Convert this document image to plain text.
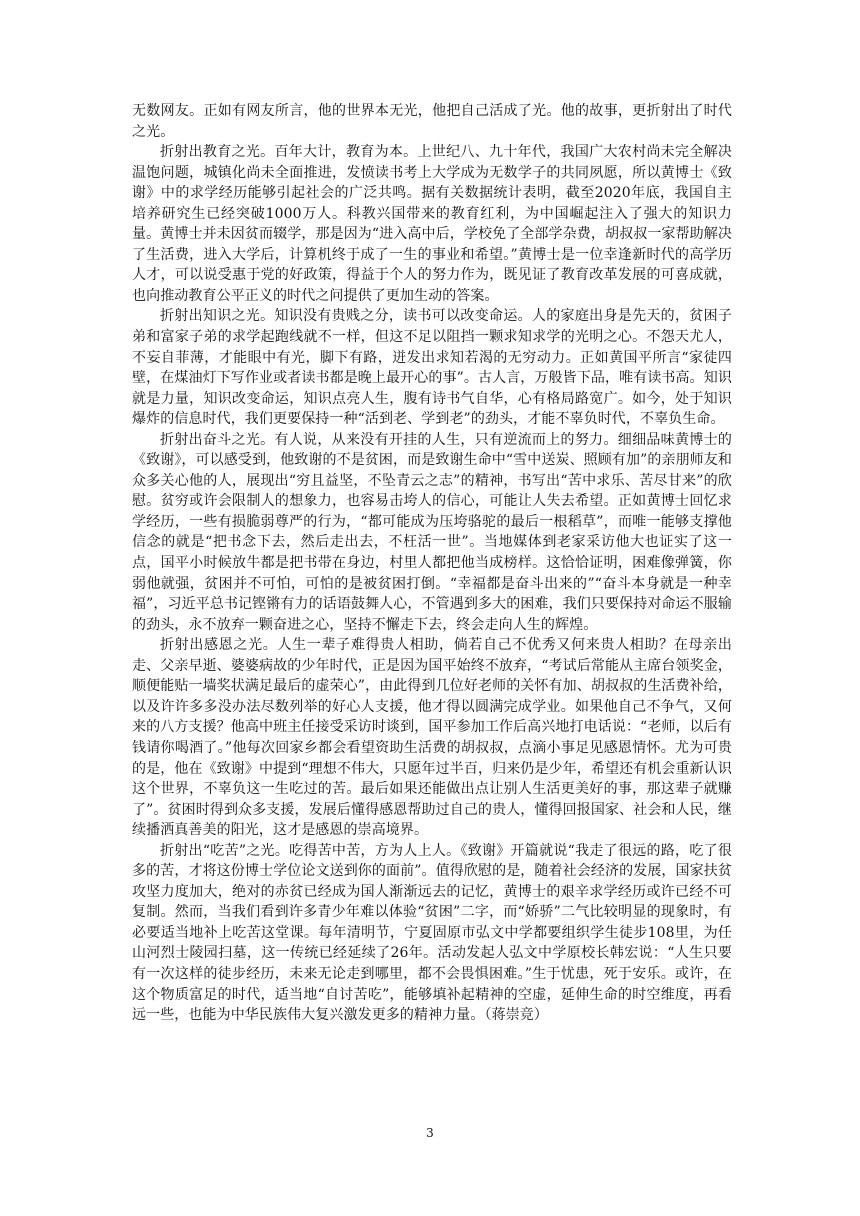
无数网友。正如有网友所言，他的世界本无光，他把自己活成了光。他的故事，更折射出了时代之光。

折射出教育之光。百年大计，教育为本。上世纪八、九十年代，我国广大农村尚未完全解决温饱问题，城镇化尚未全面推进，发愤读书考上大学成为无数学子的共同夙愿，所以黄博士《致谢》中的求学经历能够引起社会的广泛共鸣。据有关数据统计表明，截至2020年底，我国自主培养研究生已经突破1000万人。科教兴国带来的教育红利，为中国崛起注入了强大的知识力量。黄博士并未因贫而辍学，那是因为“进入高中后，学校免了全部学杂费，胡叔叔一家帮助解决了生活费，进入大学后，计算机终于成了一生的事业和希望。”黄博士是一位幸逢新时代的高学历人才，可以说受惠于党的好政策，得益于个人的努力作为，既见证了教育改革发展的可喜成就，也向推动教育公平正义的时代之问提供了更加生动的答案。

折射出知识之光。知识没有贵贱之分，读书可以改变命运。人的家庭出身是先天的，贫困子弟和富家子弟的求学起跑线就不一样，但这不足以阻挡一颗求知求学的光明之心。不怨天尤人，不妄自菲薄，才能眼中有光，脚下有路，迸发出求知若渴的无穷动力。正如黄国平所言“家徒四壁，在煤油灯下写作业或者读书都是晚上最开心的事”。古人言，万般皆下品，唯有读书高。知识就是力量，知识改变命运，知识点亮人生，腹有诗书气自华，心有格局路宽广。如今，处于知识爆炸的信息时代，我们更要保持一种“活到老、学到老”的劲头，才能不辜负时代，不辜负生命。

折射出奋斗之光。有人说，从来没有开挂的人生，只有逆流而上的努力。细细品味黄博士的《致谢》，可以感受到，他致谢的不是贫困，而是致谢生命中“雪中送炭、照顾有加”的亲朋师友和众多关心他的人，展现出“穷且益坚，不坠青云之志”的精神，书写出“苦中求乐、苦尽甘来”的欣慰。贫穷或许会限制人的想象力，也容易击垮人的信心，可能让人失去希望。正如黄博士回忆求学经历，一些有损脆弱尊严的行为，“都可能成为压垮骆驼的最后一根稻草”，而唯一能够支撑他信念的就是“把书念下去，然后走出去，不枉活一世”。当地媒体到老家采访他大也证实了这一点，国平小时候放牛都是把书带在身边，村里人都把他当成榜样。这恰恰证明，困难像弹簧，你弱他就强，贫困并不可怕，可怕的是被贫困打倒。“幸福都是奋斗出来的”“奋斗本身就是一种幸福”，习近平总书记铿锵有力的话语鼓舞人心，不管遇到多大的困难，我们只要保持对命运不服输的劲头，永不放弃一颗奋进之心，坚持不懈走下去，终会走向人生的辉煌。

折射出感恩之光。人生一辈子难得贵人相助，倘若自己不优秀又何来贵人相助？在母亲出走、父亲早逝、婆婆病故的少年时代，正是因为国平始终不放弃，“考试后常能从主席台领奖金，顺便能贴一墙奖状满足最后的虚荣心”，由此得到几位好老师的关怀有加、胡叔叔的生活费补给，以及许许多多没办法尽数列举的好心人支援，他才得以圆满完成学业。如果他自己不争气，又何来的八方支援？他高中班主任接受采访时谈到，国平参加工作后高兴地打电话说：“老师，以后有钱请你喝酒了。”他每次回家乡都会看望资助生活费的胡叔叔，点滴小事足见感恩情怀。尤为可贵的是，他在《致谢》中提到“理想不伟大，只愿年过半百，归来仍是少年，希望还有机会重新认识这个世界，不辜负这一生吃过的苦。最后如果还能做出点让别人生活更美好的事，那这辈子就赚了”。贫困时得到众多支援，发展后懂得感恩帮助过自己的贵人，懂得回报国家、社会和人民，继续播洒真善美的阳光，这才是感恩的崇高境界。

折射出“吃苦”之光。吃得苦中苦，方为人上人。《致谢》开篇就说“我走了很远的路，吃了很多的苦，才将这份博士学位论文送到你的面前”。值得欣慰的是，随着社会经济的发展，国家扶贫攻坚力度加大，绝对的赤贫已经成为国人渐渐远去的记忆，黄博士的艰辛求学经历或许已经不可复制。然而，当我们看到许多青少年难以体验“贫困”二字，而“娇骄”二气比较明显的现象时，有必要适当地补上吃苦这堂课。每年清明节，宁夏固原市弘文中学都要组织学生徒步108里，为任山河烈士陵园扫墓，这一传统已经延续了26年。活动发起人弘文中学原校长韩宏说：“人生只要有一次这样的徒步经历，未来无论走到哪里，都不会畏惧困难。”生于忧患，死于安乐。或许，在这个物质富足的时代，适当地“自讨苦吃”，能够填补起精神的空虚，延伸生命的时空维度，再看远一些，也能为中华民族伟大复兴激发更多的精神力量。（蒋崇竞）

3
